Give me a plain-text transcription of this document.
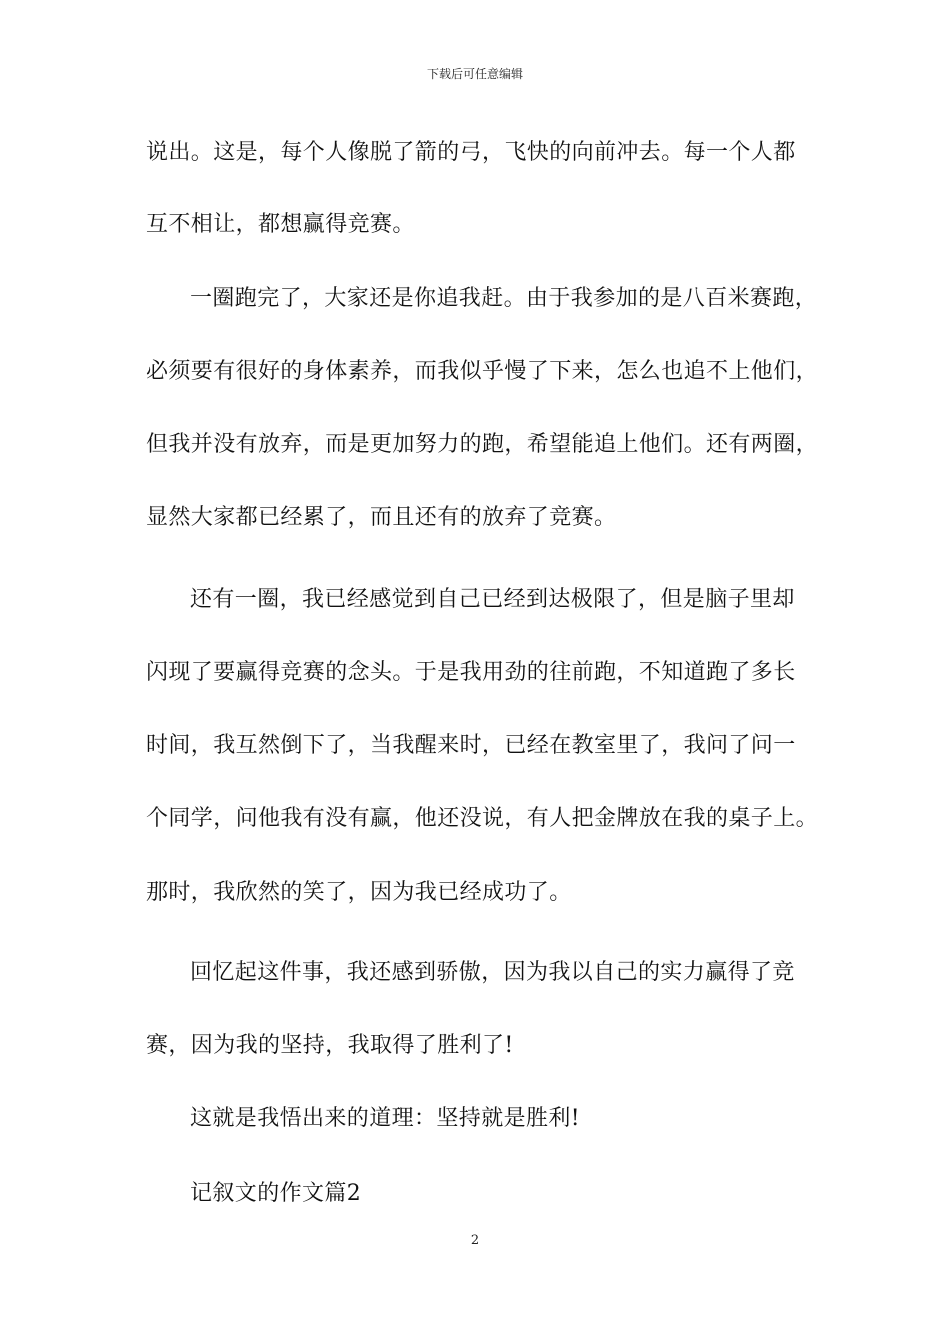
下载后可任意编辑
说出。这是，每个人像脱了箭的弓，飞快的向前冲去。每一个人都
互不相让，都想赢得竞赛。
一圈跑完了，大家还是你追我赶。由于我参加的是八百米赛跑，
必须要有很好的身体素养，而我似乎慢了下来，怎么也追不上他们，
但我并没有放弃，而是更加努力的跑，希望能追上他们。还有两圈，
显然大家都已经累了，而且还有的放弃了竞赛。
还有一圈，我已经感觉到自己已经到达极限了，但是脑子里却
闪现了要赢得竞赛的念头。于是我用劲的往前跑，不知道跑了多长
时间，我互然倒下了，当我醒来时，已经在教室里了，我问了问一
个同学，问他我有没有赢，他还没说，有人把金牌放在我的桌子上。
那时，我欣然的笑了，因为我已经成功了。
回忆起这件事，我还感到骄傲，因为我以自己的实力赢得了竞
赛，因为我的坚持，我取得了胜利了!
这就是我悟出来的道理：坚持就是胜利!
记叙文的作文篇2
2
